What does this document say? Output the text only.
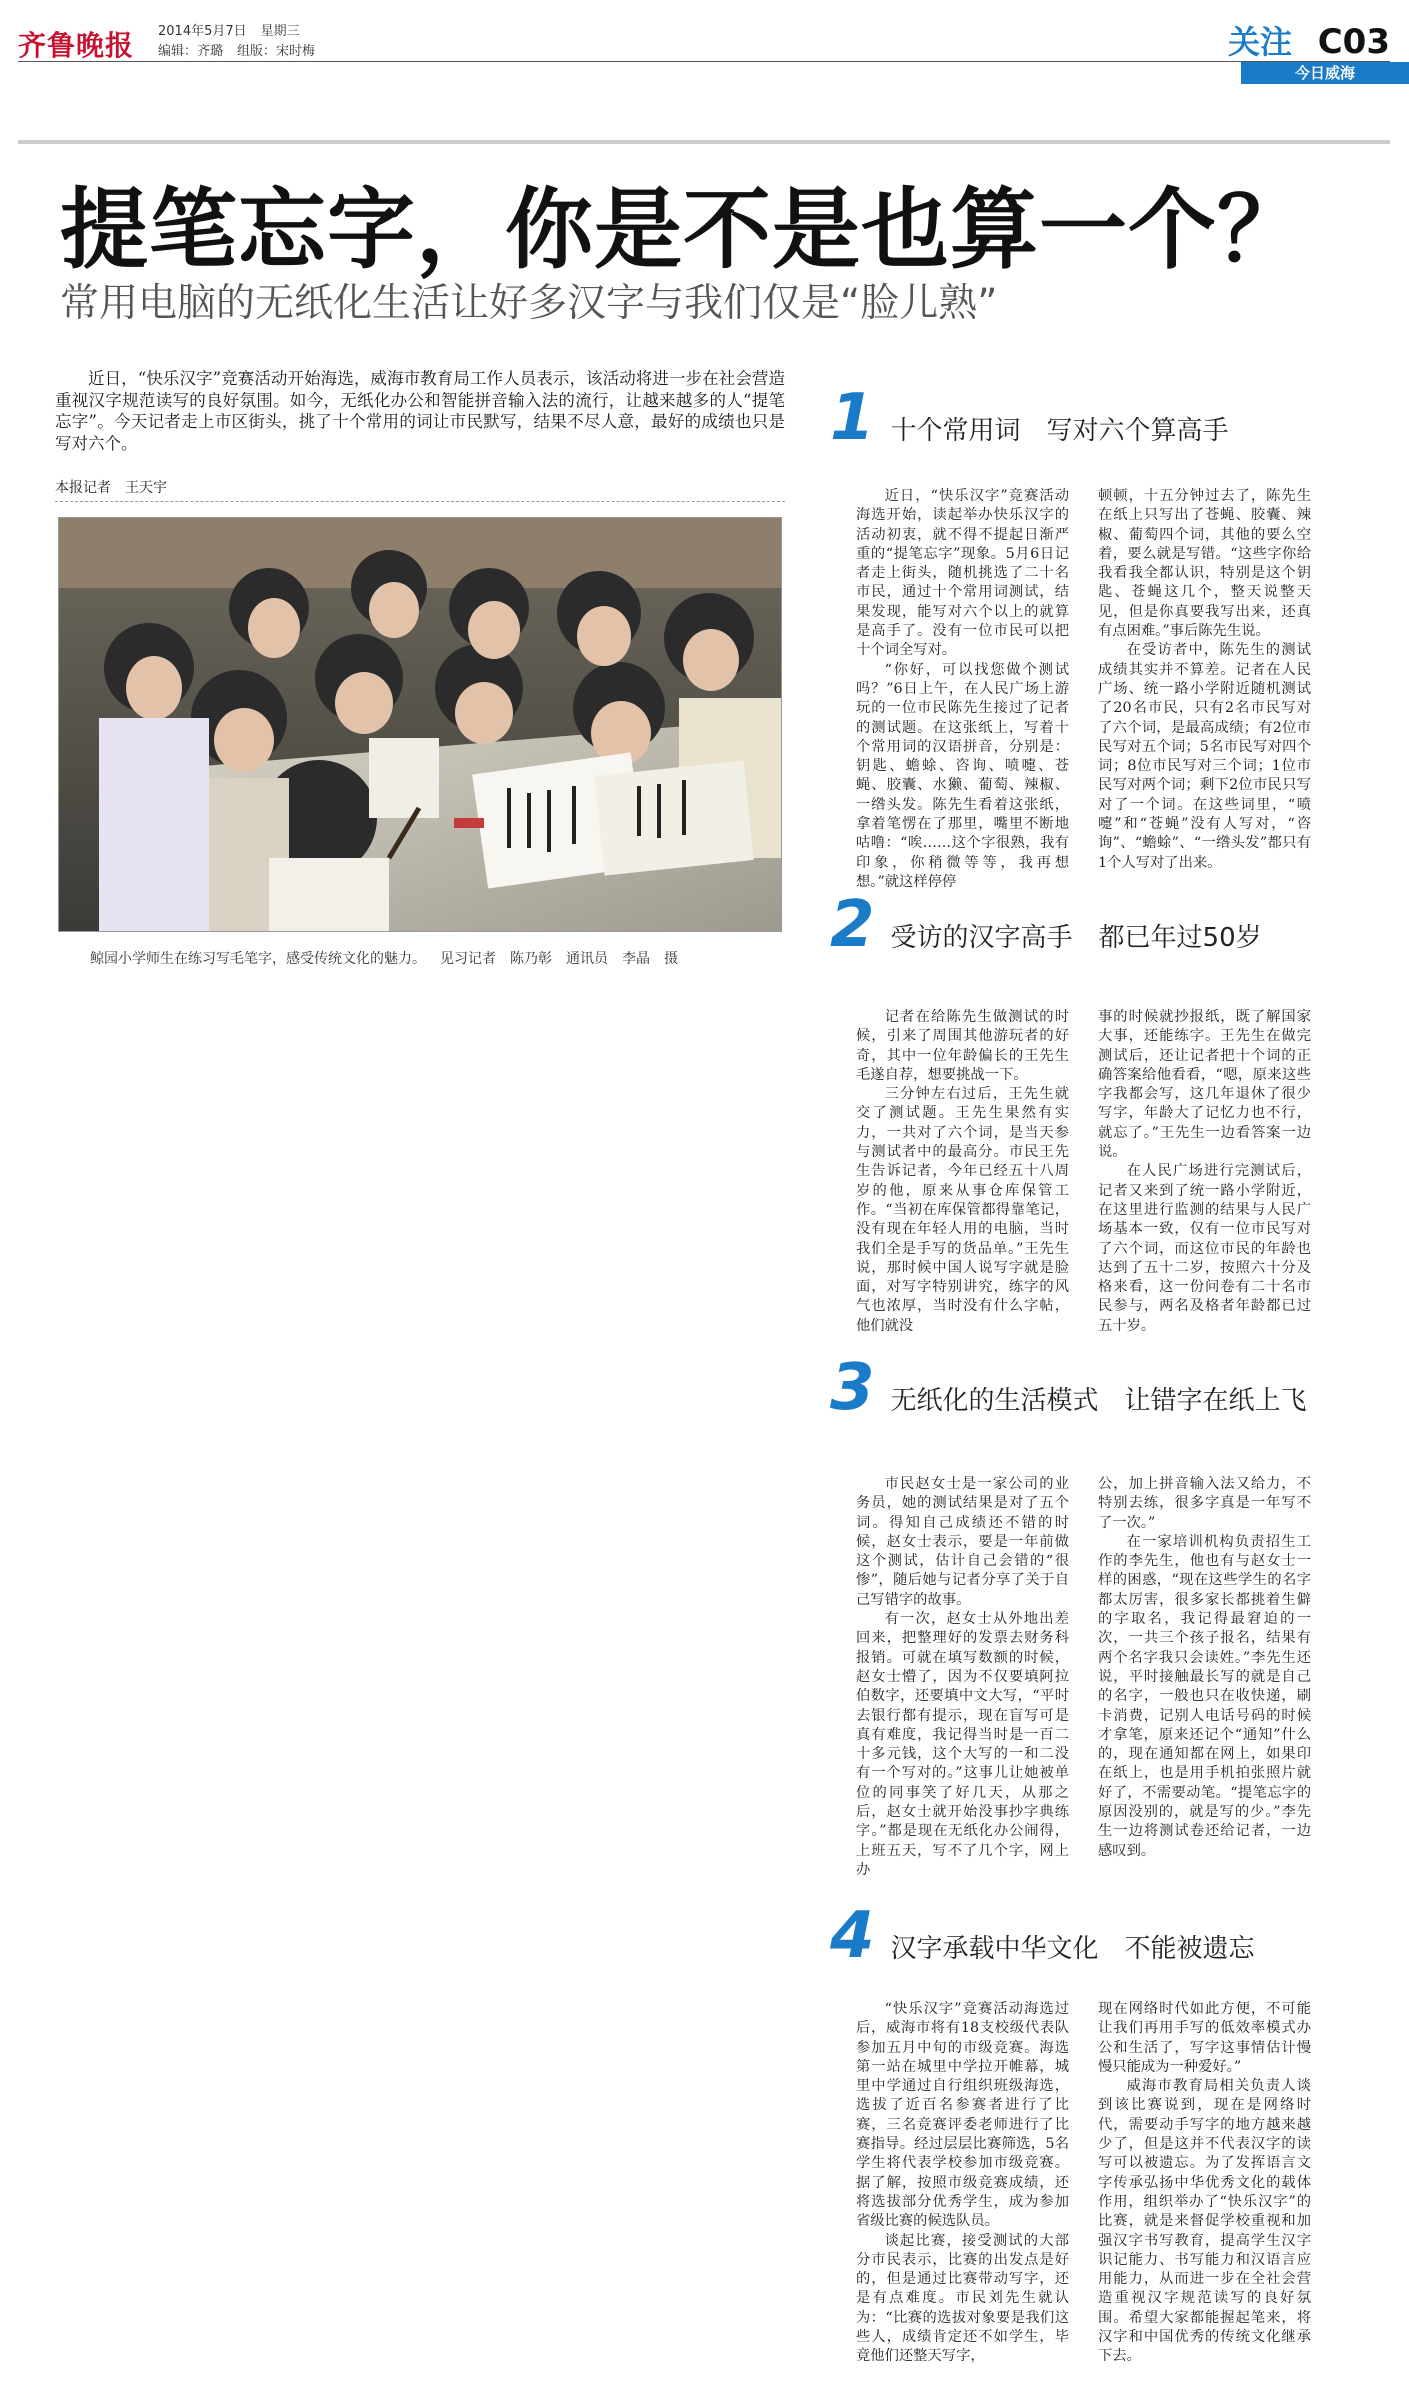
齐鲁晚报 2014年5月7日 星期三
编辑：齐璐 组版：宋时梅	关注 C03
今日威海
提笔忘字，你是不是也算一个？
常用电脑的无纸化生活让好多汉字与我们仅是“脸儿熟”
近日，“快乐汉字”竞赛活动开始海选，威海市教育局工作人员表示，该活动将进一步在社会营造重视汉字规范读写的良好氛围。如今，无纸化办公和智能拼音输入法的流行，让越来越多的人“提笔忘字”。今天记者走上市区街头，挑了十个常用的词让市民默写，结果不尽人意，最好的成绩也只是写对六个。
本报记者　王天宇
鲸园小学师生在练习写毛笔字，感受传统文化的魅力。 见习记者　陈乃彰 通讯员　李晶 摄
1 十个常用词　写对六个算高手

近日，“快乐汉字”竞赛活动海选开始，读起举办快乐汉字的活动初衷，就不得不提起日渐严重的“提笔忘字”现象。5月6日记者走上街头，随机挑选了二十名市民，通过十个常用词测试，结果发现，能写对六个以上的就算是高手了。没有一位市民可以把十个词全写对。

“你好，可以找您做个测试吗？”6日上午，在人民广场上游玩的一位市民陈先生接过了记者的测试题。在这张纸上，写着十个常用词的汉语拼音，分别是：钥匙、蟾蜍、咨询、喷嚏、苍蝇、胶囊、水獭、葡萄、辣椒、一绺头发。陈先生看着这张纸，拿着笔愣在了那里，嘴里不断地咕噜：“唉……这个字很熟，我有印象，你稍微等等，我再想想。”就这样停停

顿顿，十五分钟过去了，陈先生在纸上只写出了苍蝇、胶囊、辣椒、葡萄四个词，其他的要么空着，要么就是写错。“这些字你给我看我全都认识，特别是这个钥匙、苍蝇这几个，整天说整天见，但是你真要我写出来，还真有点困难。”事后陈先生说。

在受访者中，陈先生的测试成绩其实并不算差。记者在人民广场、统一路小学附近随机测试了20名市民，只有2名市民写对了六个词，是最高成绩；有2位市民写对五个词；5名市民写对四个词；8位市民写对三个词；1位市民写对两个词；剩下2位市民只写对了一个词。在这些词里，“喷嚏”和“苍蝇”没有人写对，“咨询”、“蟾蜍”、“一绺头发”都只有1个人写对了出来。

2 受访的汉字高手　都已年过50岁

记者在给陈先生做测试的时候，引来了周围其他游玩者的好奇，其中一位年龄偏长的王先生毛遂自荐，想要挑战一下。

三分钟左右过后，王先生就交了测试题。王先生果然有实力，一共对了六个词，是当天参与测试者中的最高分。市民王先生告诉记者，今年已经五十八周岁的他，原来从事仓库保管工作。“当初在库保管都得靠笔记，没有现在年轻人用的电脑，当时我们全是手写的货品单。”王先生说，那时候中国人说写字就是脸面，对写字特别讲究，练字的风气也浓厚，当时没有什么字帖，他们就没

事的时候就抄报纸，既了解国家大事，还能练字。王先生在做完测试后，还让记者把十个词的正确答案给他看看，“嗯，原来这些字我都会写，这几年退休了很少写字，年龄大了记忆力也不行，就忘了。”王先生一边看答案一边说。

在人民广场进行完测试后，记者又来到了统一路小学附近，在这里进行监测的结果与人民广场基本一致，仅有一位市民写对了六个词，而这位市民的年龄也达到了五十二岁，按照六十分及格来看，这一份问卷有二十名市民参与，两名及格者年龄都已过五十岁。

3 无纸化的生活模式　让错字在纸上飞

市民赵女士是一家公司的业务员，她的测试结果是对了五个词。得知自己成绩还不错的时候，赵女士表示，要是一年前做这个测试，估计自己会错的“很惨”，随后她与记者分享了关于自己写错字的故事。

有一次，赵女士从外地出差回来，把整理好的发票去财务科报销。可就在填写数额的时候，赵女士懵了，因为不仅要填阿拉伯数字，还要填中文大写，“平时去银行都有提示，现在盲写可是真有难度，我记得当时是一百二十多元钱，这个大写的一和二没有一个写对的。”这事儿让她被单位的同事笑了好几天，从那之后，赵女士就开始没事抄字典练字。”都是现在无纸化办公闹得，上班五天，写不了几个字，网上办

公，加上拼音输入法又给力，不特别去练，很多字真是一年写不了一次。”

在一家培训机构负责招生工作的李先生，他也有与赵女士一样的困惑，“现在这些学生的名字都太厉害，很多家长都挑着生僻的字取名，我记得最窘迫的一次，一共三个孩子报名，结果有两个名字我只会读姓。”李先生还说，平时接触最长写的就是自己的名字，一般也只在收快递，刷卡消费，记别人电话号码的时候才拿笔，原来还记个“通知”什么的，现在通知都在网上，如果印在纸上，也是用手机拍张照片就好了，不需要动笔。“提笔忘字的原因没别的，就是写的少。”李先生一边将测试卷还给记者，一边感叹到。

4 汉字承载中华文化　不能被遗忘

“快乐汉字”竞赛活动海选过后，威海市将有18支校级代表队参加五月中旬的市级竞赛。海选第一站在城里中学拉开帷幕，城里中学通过自行组织班级海选，选拔了近百名参赛者进行了比赛，三名竞赛评委老师进行了比赛指导。经过层层比赛筛选，5名学生将代表学校参加市级竞赛。据了解，按照市级竞赛成绩，还将选拔部分优秀学生，成为参加省级比赛的候选队员。

谈起比赛，接受测试的大部分市民表示，比赛的出发点是好的，但是通过比赛带动写字，还是有点难度。市民刘先生就认为：“比赛的选拔对象要是我们这些人，成绩肯定还不如学生，毕竟他们还整天写字，

现在网络时代如此方便，不可能让我们再用手写的低效率模式办公和生活了，写字这事情估计慢慢只能成为一种爱好。”

威海市教育局相关负责人谈到该比赛说到，现在是网络时代，需要动手写字的地方越来越少了，但是这并不代表汉字的读写可以被遗忘。为了发挥语言文字传承弘扬中华优秀文化的载体作用，组织举办了“快乐汉字”的比赛，就是来督促学校重视和加强汉字书写教育，提高学生汉字识记能力、书写能力和汉语言应用能力，从而进一步在全社会营造重视汉字规范读写的良好氛围。希望大家都能握起笔来，将汉字和中国优秀的传统文化继承下去。
